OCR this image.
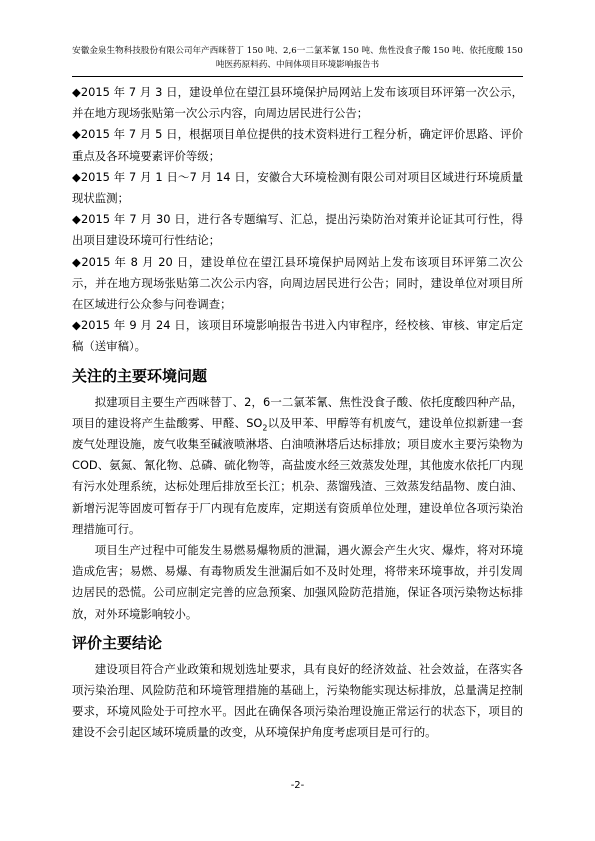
安徽金泉生物科技股份有限公司年产西咪替丁 150 吨、2,6一二氯苯氰 150 吨、焦性没食子酸 150 吨、依托度酸 150
吨医药原料药、中间体项目环境影响报告书

◆2015 年 7 月 3 日，建设单位在望江县环境保护局网站上发布该项目环评第一次公示，并在地方现场张贴第一次公示内容，向周边居民进行公告；

◆2015 年 7 月 5 日，根据项目单位提供的技术资料进行工程分析，确定评价思路、评价重点及各环境要素评价等级；

◆2015 年 7 月 1 日～7 月 14 日，安徽合大环境检测有限公司对项目区域进行环境质量现状监测；

◆2015 年 7 月 30 日，进行各专题编写、汇总，提出污染防治对策并论证其可行性，得出项目建设环境可行性结论；

◆2015 年 8 月 20 日，建设单位在望江县环境保护局网站上发布该项目环评第二次公示，并在地方现场张贴第二次公示内容，向周边居民进行公告；同时，建设单位对项目所在区域进行公众参与问卷调查；

◆2015 年 9 月 24 日，该项目环境影响报告书进入内审程序，经校核、审核、审定后定稿（送审稿）。

关注的主要环境问题

拟建项目主要生产西咪替丁、2，6一二氯苯氰、焦性没食子酸、依托度酸四种产品，项目的建设将产生盐酸雾、甲醛、$SO_2$以及甲苯、甲醇等有机废气，建设单位拟新建一套废气处理设施，废气收集至碱液喷淋塔、白油喷淋塔后达标排放；项目废水主要污染物为 COD、氨氮、氰化物、总磷、硫化物等，高盐废水经三效蒸发处理，其他废水依托厂内现有污水处理系统，达标处理后排放至长江；机杂、蒸馏残渣、三效蒸发结晶物、废白油、新增污泥等固废可暂存于厂内现有危废库，定期送有资质单位处理，建设单位各项污染治理措施可行。

项目生产过程中可能发生易燃易爆物质的泄漏，遇火源会产生火灾、爆炸，将对环境造成危害；易燃、易爆、有毒物质发生泄漏后如不及时处理，将带来环境事故，并引发周边居民的恐慌。公司应制定完善的应急预案、加强风险防范措施，保证各项污染物达标排放，对外环境影响较小。

评价主要结论

建设项目符合产业政策和规划选址要求，具有良好的经济效益、社会效益，在落实各项污染治理、风险防范和环境管理措施的基础上，污染物能实现达标排放，总量满足控制要求，环境风险处于可控水平。因此在确保各项污染治理设施正常运行的状态下，项目的建设不会引起区域环境质量的改变，从环境保护角度考虑项目是可行的。

-2-
